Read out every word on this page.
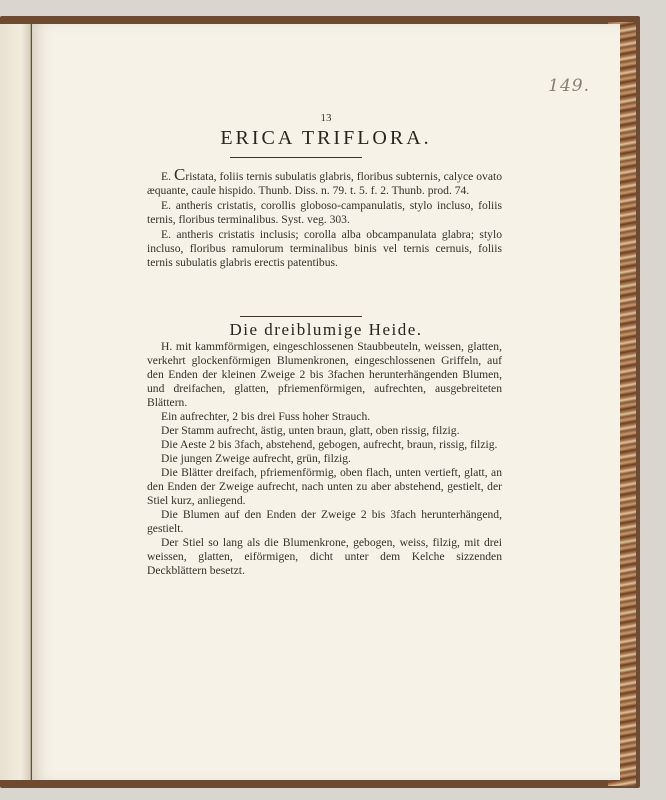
149.
13
ERICA TRIFLORA.

E. Cristata, foliis ternis subulatis glabris, floribus subternis, calyce ovato æquante, caule hispido. Thunb. Diss. n. 79. t. 5. f. 2. Thunb. prod. 74.

E. antheris cristatis, corollis globoso-campanulatis, stylo incluso, foliis ternis, floribus terminalibus. Syst. veg. 303.

E. antheris cristatis inclusis; corolla alba obcampanulata glabra; stylo incluso, floribus ramulorum terminalibus binis vel ternis cernuis, foliis ternis subulatis glabris erectis patentibus.

Die dreiblumige Heide.

H. mit kammförmigen, eingeschlossenen Staubbeuteln, weissen, glatten, verkehrt glockenförmigen Blumenkronen, eingeschlossenen Griffeln, auf den Enden der kleinen Zweige 2 bis 3fachen herunterhängenden Blumen, und dreifachen, glatten, pfriemenförmigen, aufrechten, ausgebreiteten Blättern.

Ein aufrechter, 2 bis drei Fuss hoher Strauch.

Der Stamm aufrecht, ästig, unten braun, glatt, oben rissig, filzig.

Die Aeste 2 bis 3fach, abstehend, gebogen, aufrecht, braun, rissig, filzig.

Die jungen Zweige aufrecht, grün, filzig.

Die Blätter dreifach, pfriemenförmig, oben flach, unten vertieft, glatt, an den Enden der Zweige aufrecht, nach unten zu aber abstehend, gestielt, der Stiel kurz, anliegend.

Die Blumen auf den Enden der Zweige 2 bis 3fach herunterhängend, gestielt.

Der Stiel so lang als die Blumenkrone, gebogen, weiss, filzig, mit drei weissen, glatten, eiförmigen, dicht unter dem Kelche sizzenden Deckblättern besetzt.
